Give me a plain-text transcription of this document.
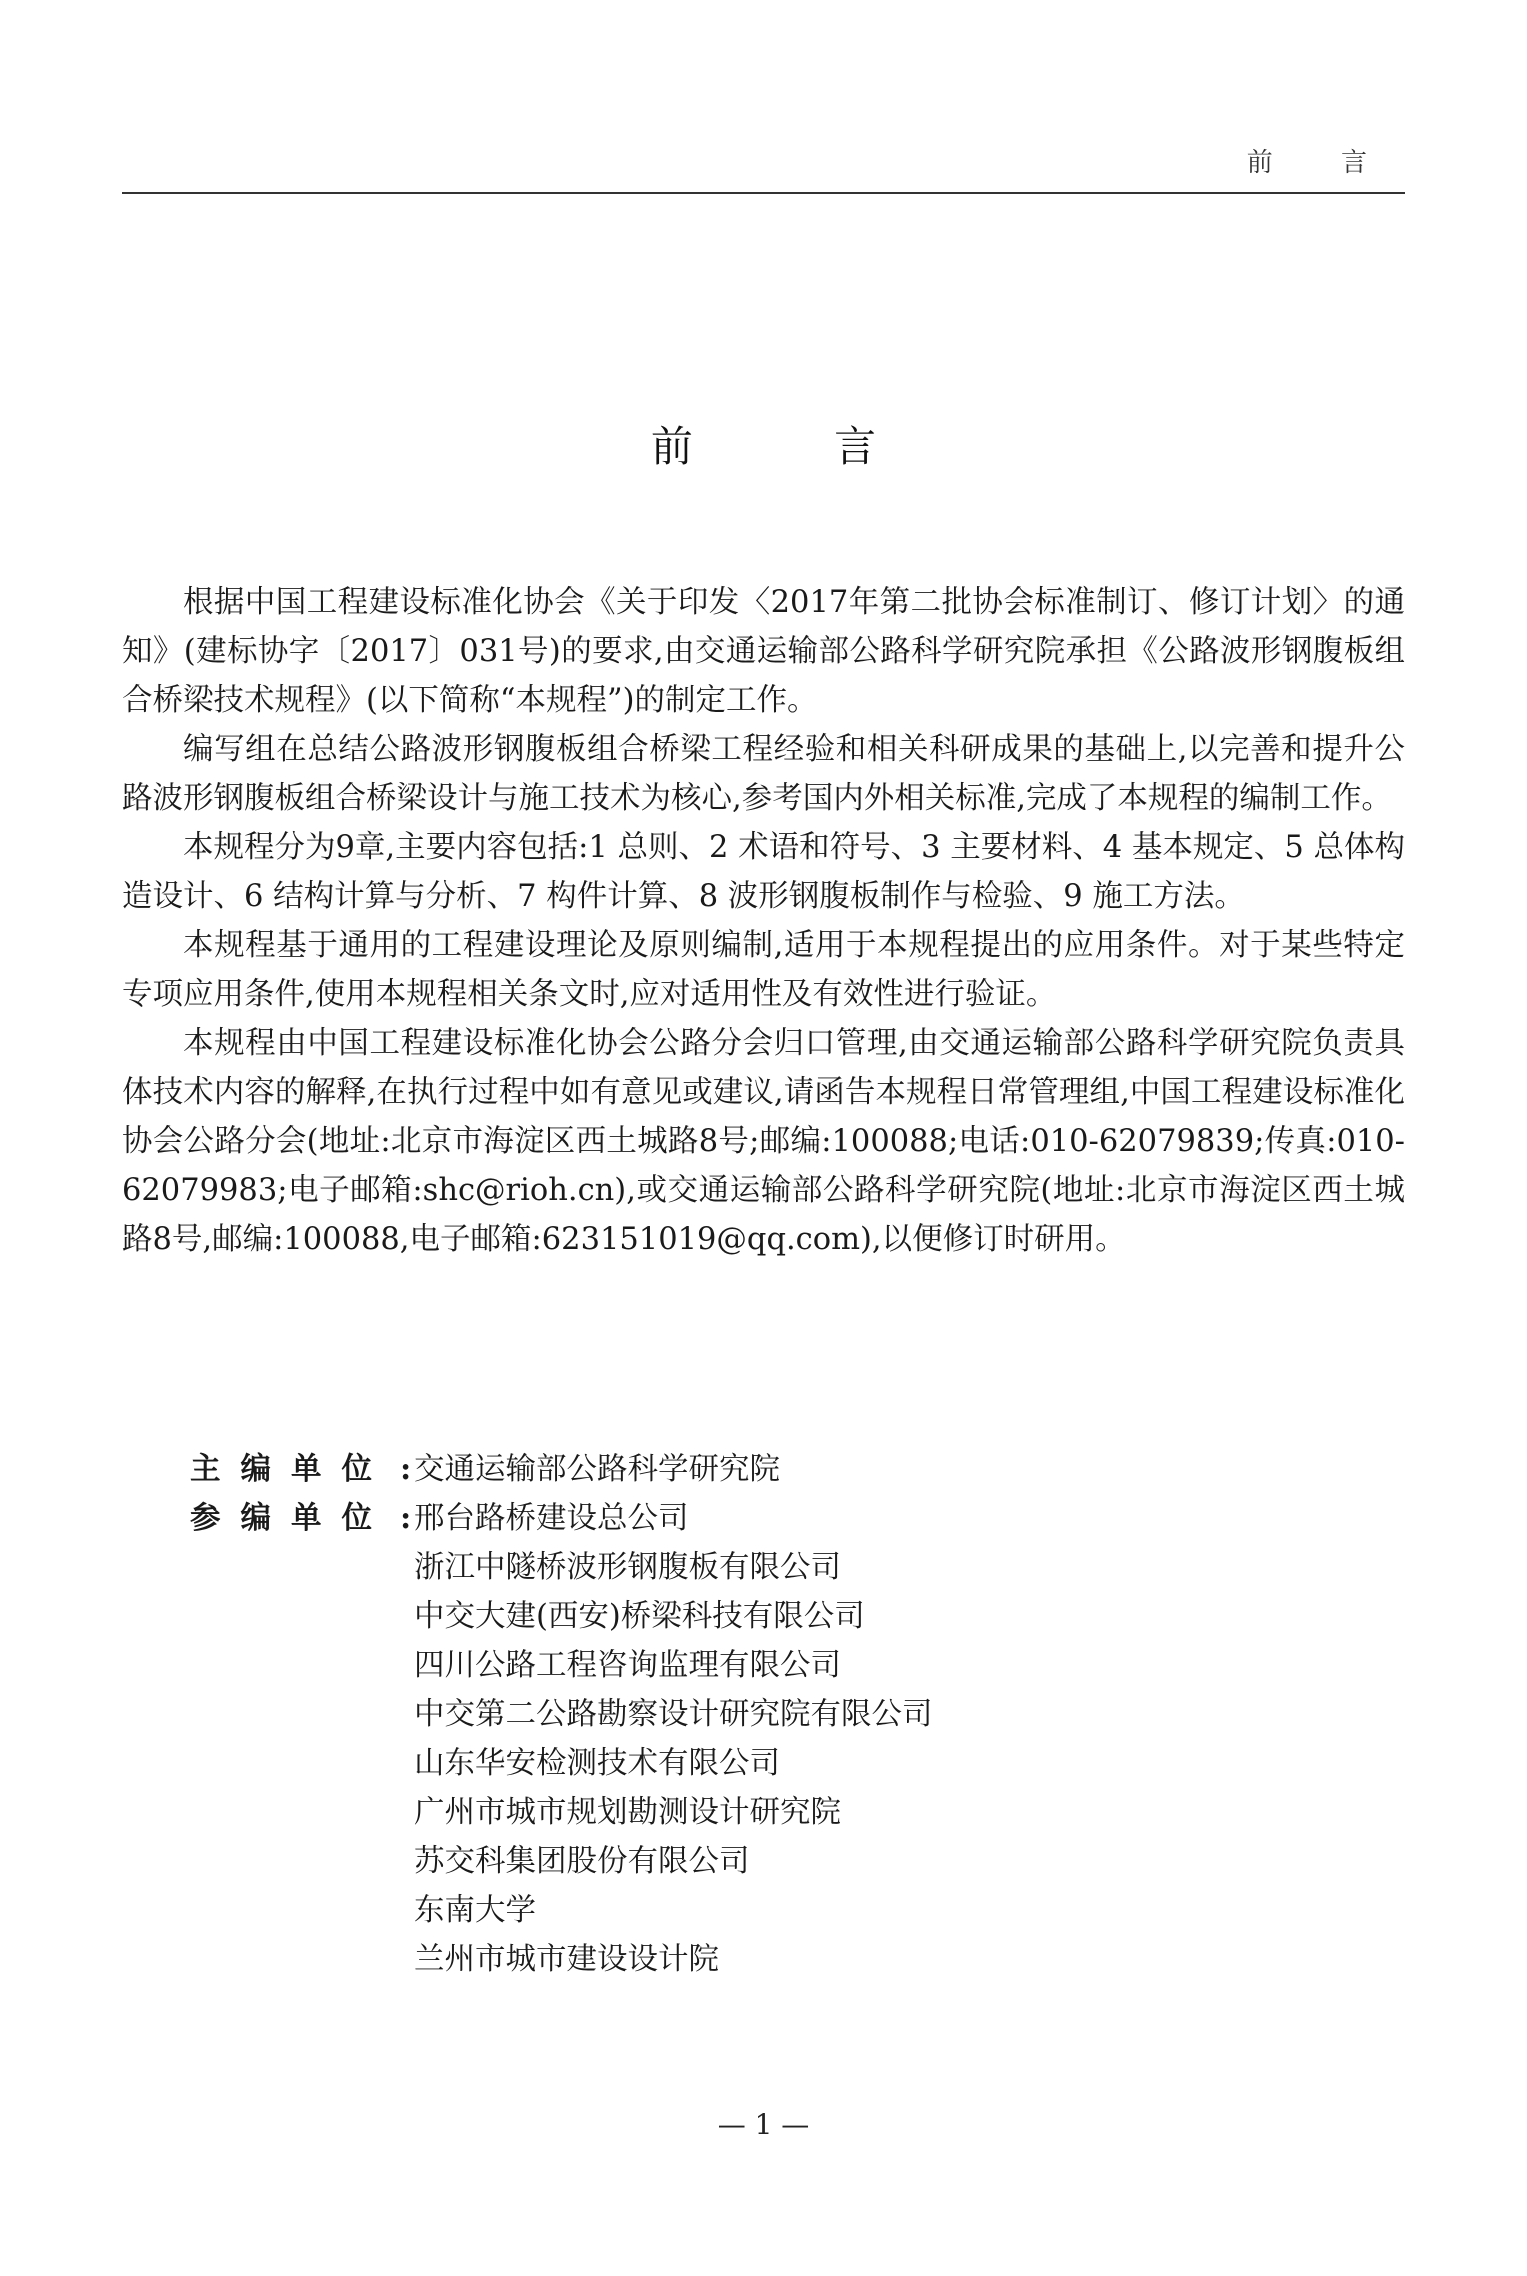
前 言
前 言

根据中国工程建设标准化协会《关于印发〈2017年第二批协会标准制订、修订计划〉的通知》(建标协字〔2017〕031号)的要求,由交通运输部公路科学研究院承担《公路波形钢腹板组合桥梁技术规程》(以下简称“本规程”)的制定工作。

编写组在总结公路波形钢腹板组合桥梁工程经验和相关科研成果的基础上,以完善和提升公路波形钢腹板组合桥梁设计与施工技术为核心,参考国内外相关标准,完成了本规程的编制工作。

本规程分为9章,主要内容包括:1 总则、2 术语和符号、3 主要材料、4 基本规定、5 总体构造设计、6 结构计算与分析、7 构件计算、8 波形钢腹板制作与检验、9 施工方法。

本规程基于通用的工程建设理论及原则编制,适用于本规程提出的应用条件。对于某些特定专项应用条件,使用本规程相关条文时,应对适用性及有效性进行验证。

本规程由中国工程建设标准化协会公路分会归口管理,由交通运输部公路科学研究院负责具体技术内容的解释,在执行过程中如有意见或建议,请函告本规程日常管理组,中国工程建设标准化协会公路分会(地址:北京市海淀区西土城路8号;邮编:100088;电话:010-62079839;传真:010-62079983;电子邮箱:shc@rioh.cn),或交通运输部公路科学研究院(地址:北京市海淀区西土城路8号,邮编:100088,电子邮箱:623151019@qq.com),以便修订时研用。

主编单位 : 交通运输部公路科学研究院
参编单位 : 邢台路桥建设总公司
浙江中隧桥波形钢腹板有限公司
中交大建(西安)桥梁科技有限公司
四川公路工程咨询监理有限公司
中交第二公路勘察设计研究院有限公司
山东华安检测技术有限公司
广州市城市规划勘测设计研究院
苏交科集团股份有限公司
东南大学
兰州市城市建设设计院
— 1 —
